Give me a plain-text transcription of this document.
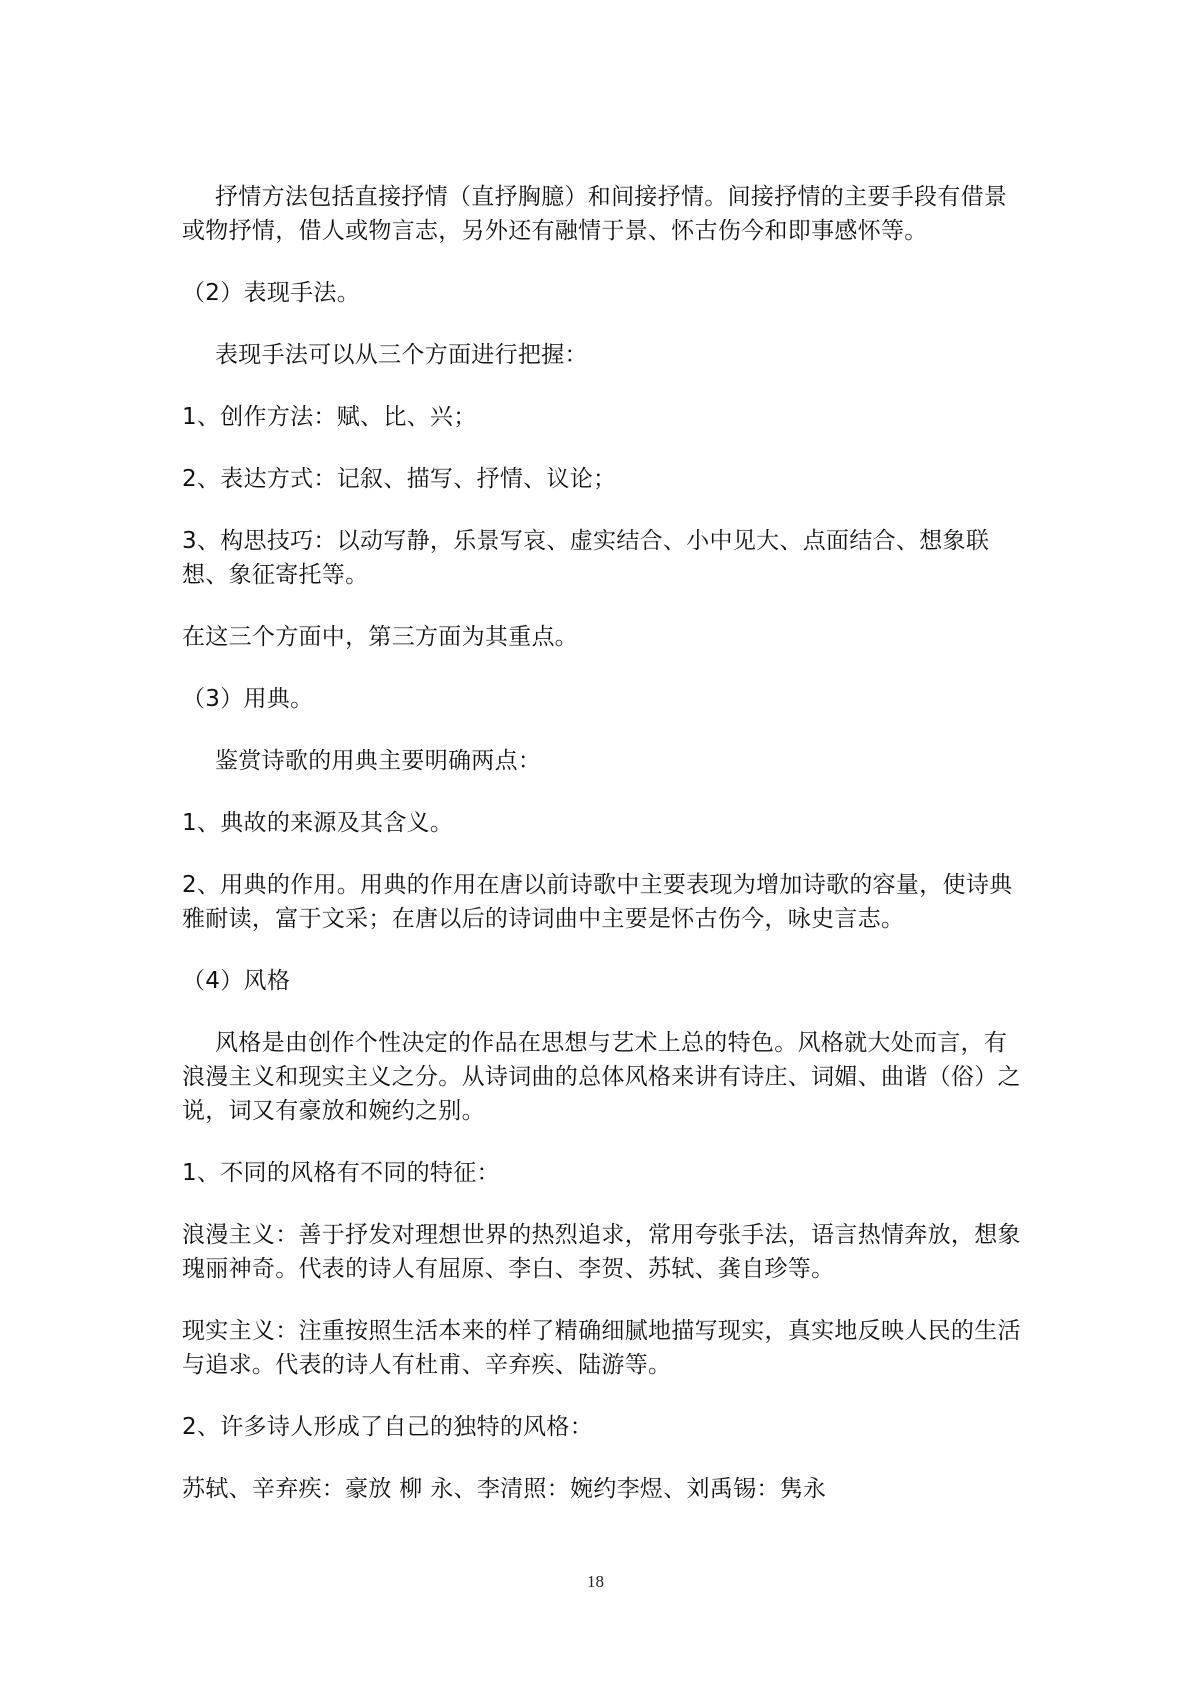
抒情方法包括直接抒情（直抒胸臆）和间接抒情。间接抒情的主要手段有借景或物抒情，借人或物言志，另外还有融情于景、怀古伤今和即事感怀等。

（2）表现手法。

表现手法可以从三个方面进行把握：

1、创作方法：赋、比、兴；

2、表达方式：记叙、描写、抒情、议论；

3、构思技巧：以动写静，乐景写哀、虚实结合、小中见大、点面结合、想象联想、象征寄托等。

在这三个方面中，第三方面为其重点。

（3）用典。

鉴赏诗歌的用典主要明确两点：

1、典故的来源及其含义。

2、用典的作用。用典的作用在唐以前诗歌中主要表现为增加诗歌的容量，使诗典雅耐读，富于文采；在唐以后的诗词曲中主要是怀古伤今，咏史言志。

（4）风格

风格是由创作个性决定的作品在思想与艺术上总的特色。风格就大处而言，有浪漫主义和现实主义之分。从诗词曲的总体风格来讲有诗庄、词媚、曲谐（俗）之说，词又有豪放和婉约之别。

1、不同的风格有不同的特征：

浪漫主义：善于抒发对理想世界的热烈追求，常用夸张手法，语言热情奔放，想象瑰丽神奇。代表的诗人有屈原、李白、李贺、苏轼、龚自珍等。

现实主义：注重按照生活本来的样了精确细腻地描写现实，真实地反映人民的生活与追求。代表的诗人有杜甫、辛弃疾、陆游等。

2、许多诗人形成了自己的独特的风格：

苏轼、辛弃疾：豪放 柳 永、李清照：婉约李煜、刘禹锡：隽永

18
